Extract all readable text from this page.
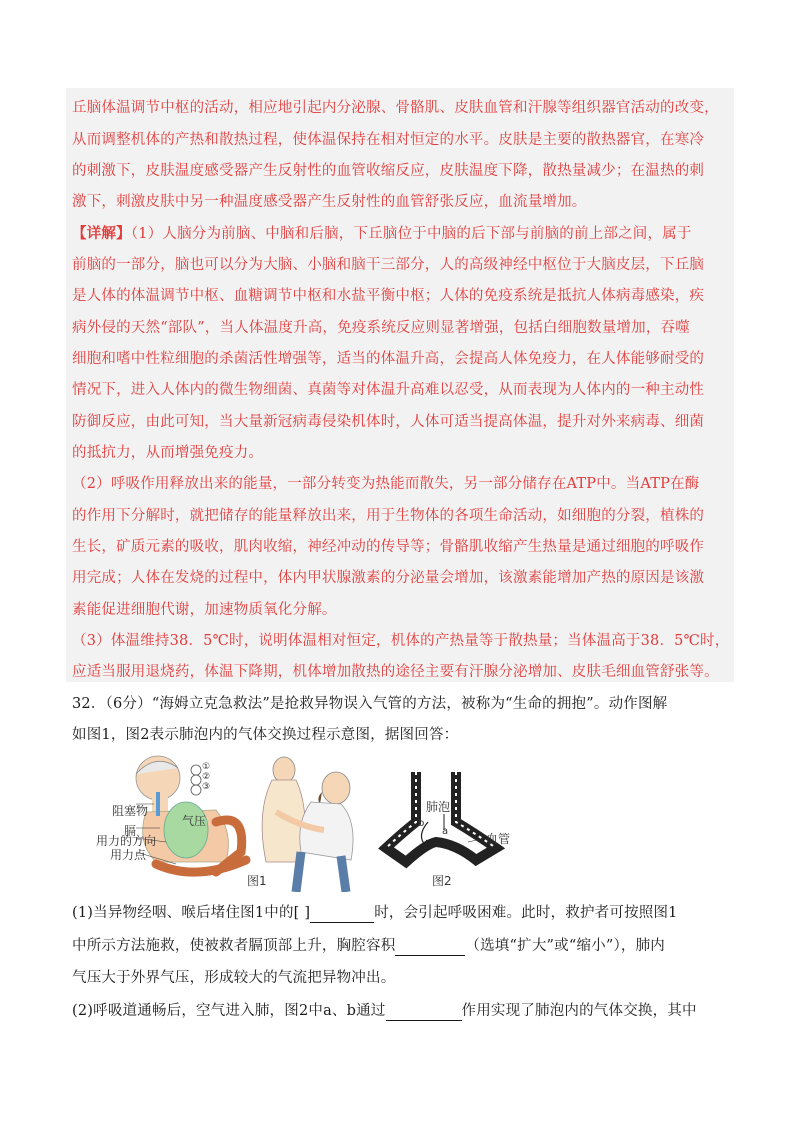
丘脑体温调节中枢的活动，相应地引起内分泌腺、骨骼肌、皮肤血管和汗腺等组织器官活动的改变，
从而调整机体的产热和散热过程，使体温保持在相对恒定的水平。皮肤是主要的散热器官，在寒冷
的刺激下，皮肤温度感受器产生反射性的血管收缩反应，皮肤温度下降，散热量减少；在温热的刺
激下，刺激皮肤中另一种温度感受器产生反射性的血管舒张反应，血流量增加。
【详解】（1）人脑分为前脑、中脑和后脑，下丘脑位于中脑的后下部与前脑的前上部之间，属于
前脑的一部分，脑也可以分为大脑、小脑和脑干三部分，人的高级神经中枢位于大脑皮层，下丘脑
是人体的体温调节中枢、血糖调节中枢和水盐平衡中枢；人体的免疫系统是抵抗人体病毒感染，疾
病外侵的天然“部队”，当人体温度升高，免疫系统反应则显著增强，包括白细胞数量增加，吞噬
细胞和嗜中性粒细胞的杀菌活性增强等，适当的体温升高，会提高人体免疫力，在人体能够耐受的
情况下，进入人体内的微生物细菌、真菌等对体温升高难以忍受，从而表现为人体内的一种主动性
防御反应，由此可知，当大量新冠病毒侵染机体时，人体可适当提高体温，提升对外来病毒、细菌
的抵抗力，从而增强免疫力。
（2）呼吸作用释放出来的能量，一部分转变为热能而散失，另一部分储存在ATP中。当ATP在酶
的作用下分解时，就把储存的能量释放出来，用于生物体的各项生命活动，如细胞的分裂，植株的
生长，矿质元素的吸收，肌肉收缩，神经冲动的传导等；骨骼肌收缩产生热量是通过细胞的呼吸作
用完成；人体在发烧的过程中，体内甲状腺激素的分泌量会增加，该激素能增加产热的原因是该激
素能促进细胞代谢，加速物质氧化分解。
（3）体温维持38．5℃时，说明体温相对恒定，机体的产热量等于散热量；当体温高于38．5℃时，
应适当服用退烧药，体温下降期，机体增加散热的途径主要有汗腺分泌增加、皮肤毛细血管舒张等。
32．（6分）“海姆立克急救法”是抢救异物误入气管的方法，被称为“生命的拥抱”。动作图解
如图1，图2表示肺泡内的气体交换过程示意图，据图回答：
阻塞物
膈
用力的方向
用力点
气压
①
②
③
肺泡
b
a
血管
图1	图2
(1)当异物经咽、喉后堵住图1中的[ ]	时，会引起呼吸困难。此时，救护者可按照图1
中所示方法施救，使被救者膈顶部上升，胸腔容积	（选填“扩大”或“缩小”），肺内
气压大于外界气压，形成较大的气流把异物冲出。
(2)呼吸道通畅后，空气进入肺，图2中a、b通过	作用实现了肺泡内的气体交换，其中
